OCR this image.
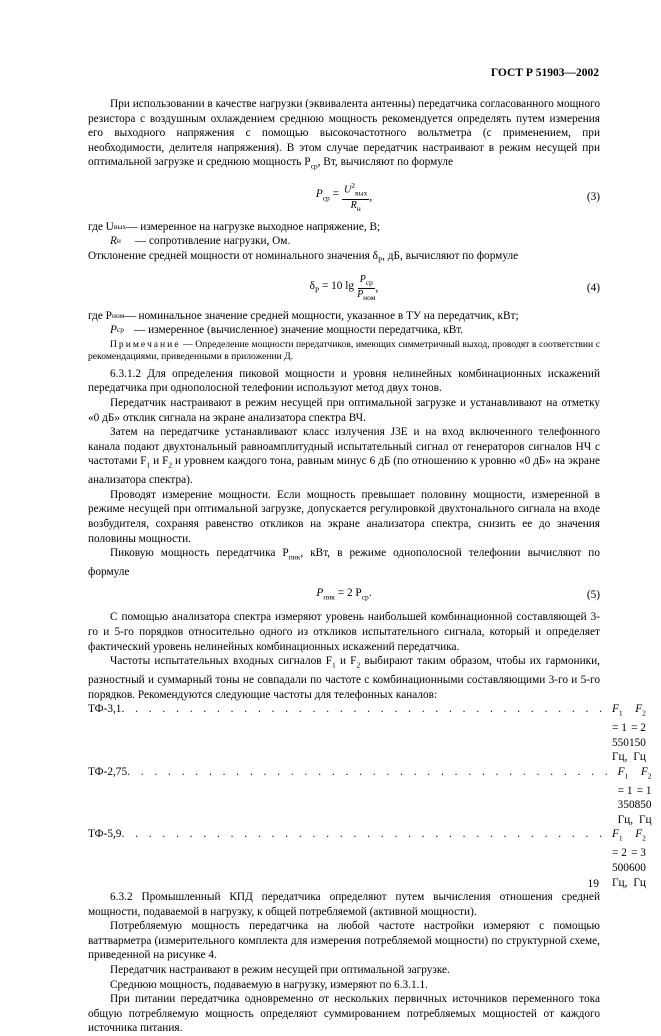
ГОСТ Р 51903—2002

При использовании в качестве нагрузки (эквивалента антенны) передатчика согласованного мощного резистора с воздушным охлаждением среднюю мощность рекомендуется определять путем измерения его выходного напряжения с помощью высокочастотного вольтметра (с применением, при необходимости, делителя напряжения). В этом случае передатчик настраивают в режим несущей при оптимальной загрузке и среднюю мощность $P_{ср}$, Вт, вычисляют по формуле

$P_{ср} = \frac{U^2_{вых}}{R_н}$ ,	(3)
где U вых — измеренное на нагрузке выходное напряжение, В;
R н	— сопротивление нагрузки, Ом.

Отклонение средней мощности от номинального значения $\delta_P$, дБ, вычисляют по формуле

$\delta_P = 10$ $\lg \frac{P_{ср}}{P_{ном}}$ ,	(4)
где P ном — номинальное значение средней мощности, указанное в ТУ на передатчик, кВт;
P ср — измеренное (вычисленное) значение мощности передатчика, кВт.

Примечание — Определение мощности передатчиков, имеющих симметричный выход, проводят в соответствии с рекомендациями, приведенными в приложении Д.

6.3.1.2 Для определения пиковой мощности и уровня нелинейных комбинационных искажений передатчика при однополосной телефонии используют метод двух тонов.

Передатчик настраивают в режим несущей при оптимальной загрузке и устанавливают на отметку «0 дБ» отклик сигнала на экране анализатора спектра ВЧ.

Затем на передатчике устанавливают класс излучения J3E и на вход включенного телефонного канала подают двухтональный равноамплитудный испытательный сигнал от генераторов сигналов НЧ с частотами $F_1$ и $F_2$ и уровнем каждого тона, равным минус 6 дБ (по отношению к уровню «0 дБ» на экране анализатора спектра).

Проводят измерение мощности. Если мощность превышает половину мощности, измеренной в режиме несущей при оптимальной загрузке, допускается регулировкой двухтонального сигнала на входе возбудителя, сохраняя равенство откликов на экране анализатора спектра, снизить ее до значения половины мощности.

Пиковую мощность передатчика $P_{пик}$, кВт, в режиме однополосной телефонии вычисляют по формуле

$P_{пик} = 2$ $P_{ср}$.	(5)

С помощью анализатора спектра измеряют уровень наибольшей комбинационной составляющей 3-го и 5-го порядков относительно одного из откликов испытательного сигнала, который и определяет фактический уровень нелинейных комбинационных искажений передатчика.

Частоты испытательных входных сигналов $F_1$ и $F_2$ выбирают таким образом, чтобы их гармоники, разностный и суммарный тоны не совпадали по частоте с комбинационными составляющими 3-го и 5-го порядков. Рекомендуются следующие частоты для телефонных каналов:

ТФ-3,1 . . . . . . . . . . . . . . . . . . . . . . . . . . . . . . . . . . . . $F_1 = 1$ 550 Гц,
$F_2 = 2$ 150 Гц
ТФ-2,75 . . . . . . . . . . . . . . . . . . . . . . . . . . . . . . . . . . . . $F_1 = 1$ 350 Гц,
$F_2 = 1$ 850 Гц
ТФ-5,9 . . . . . . . . . . . . . . . . . . . . . . . . . . . . . . . . . . . . $F_1 = 2$ 500 Гц,
$F_2 = 3$ 600 Гц

6.3.2 Промышленный КПД передатчика определяют путем вычисления отношения средней мощности, подаваемой в нагрузку, к общей потребляемой (активной мощности).

Потребляемую мощность передатчика на любой частоте настройки измеряют с помощью ваттварметра (измерительного комплекта для измерения потребляемой мощности) по структурной схеме, приведенной на рисунке 4.

Передатчик настраивают в режим несущей при оптимальной загрузке.

Среднюю мощность, подаваемую в нагрузку, измеряют по 6.3.1.1.

При питании передатчика одновременно от нескольких первичных источников переменного тока общую потребляемую мощность определяют суммированием потребляемых мощностей от каждого источника питания.

19
